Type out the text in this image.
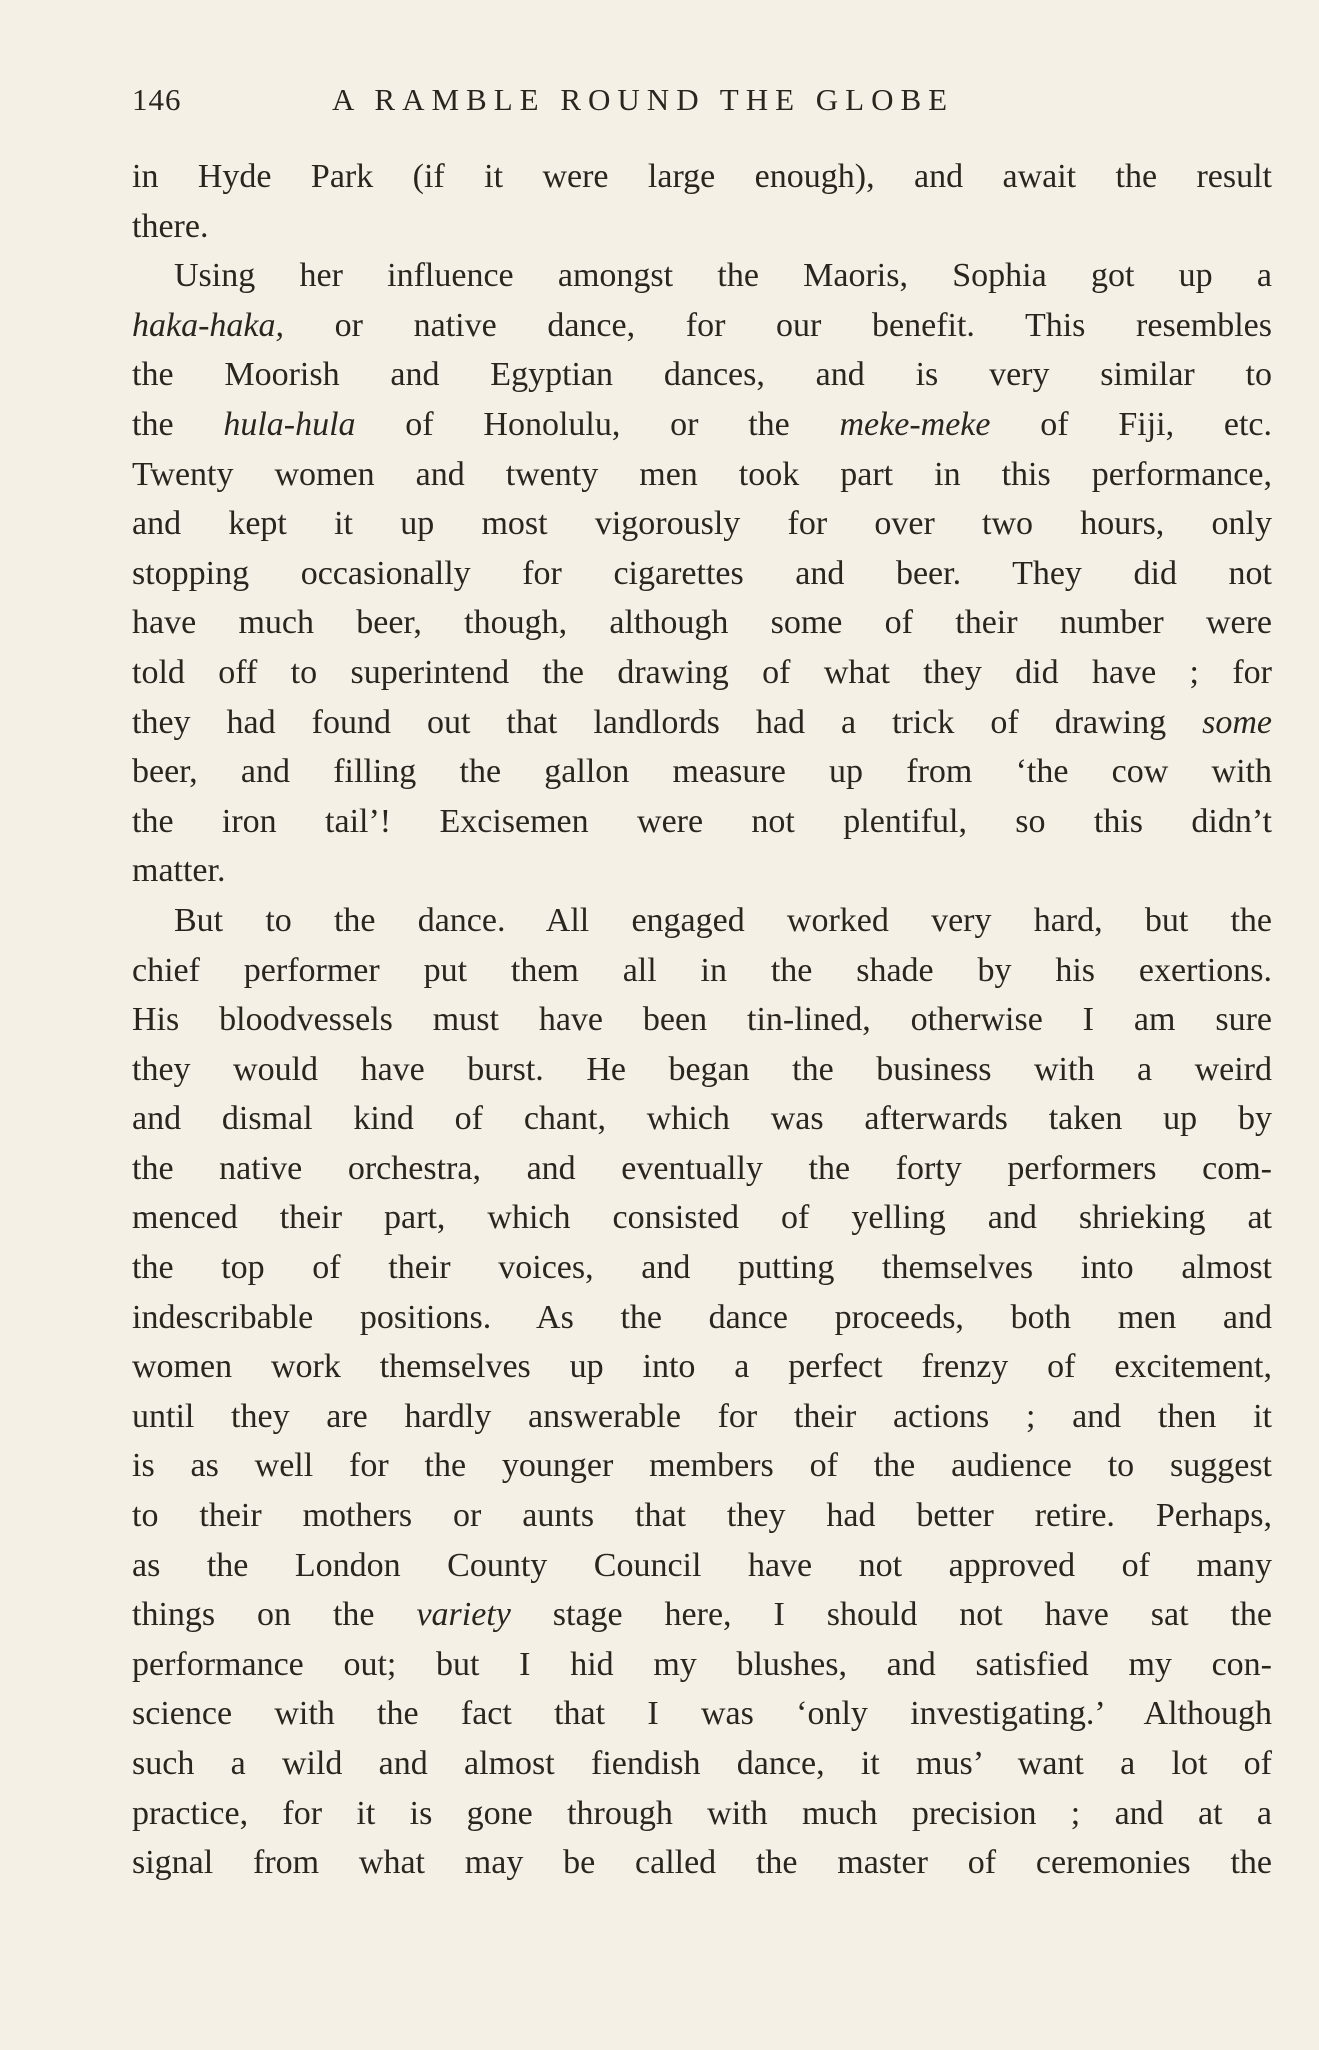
146	A RAMBLE ROUND THE GLOBE
in Hyde Park (if it were large enough), and await the result
there.
Using her influence amongst the Maoris, Sophia got up a
haka-haka, or native dance, for our benefit. This resembles
the Moorish and Egyptian dances, and is very similar to
the hula-hula of Honolulu, or the meke-meke of Fiji, etc.
Twenty women and twenty men took part in this performance,
and kept it up most vigorously for over two hours, only
stopping occasionally for cigarettes and beer. They did not
have much beer, though, although some of their number were
told off to superintend the drawing of what they did have ; for
they had found out that landlords had a trick of drawing some
beer, and filling the gallon measure up from ‘the cow with
the iron tail’! Excisemen were not plentiful, so this didn’t
matter.
But to the dance. All engaged worked very hard, but the
chief performer put them all in the shade by his exertions.
His bloodvessels must have been tin-lined, otherwise I am sure
they would have burst. He began the business with a weird
and dismal kind of chant, which was afterwards taken up by
the native orchestra, and eventually the forty performers com-
menced their part, which consisted of yelling and shrieking at
the top of their voices, and putting themselves into almost
indescribable positions. As the dance proceeds, both men and
women work themselves up into a perfect frenzy of excitement,
until they are hardly answerable for their actions ; and then it
is as well for the younger members of the audience to suggest
to their mothers or aunts that they had better retire. Perhaps,
as the London County Council have not approved of many
things on the variety stage here, I should not have sat the
performance out; but I hid my blushes, and satisfied my con-
science with the fact that I was ‘only investigating.’ Although
such a wild and almost fiendish dance, it mus’ want a lot of
practice, for it is gone through with much precision ; and at a
signal from what may be called the master of ceremonies the
